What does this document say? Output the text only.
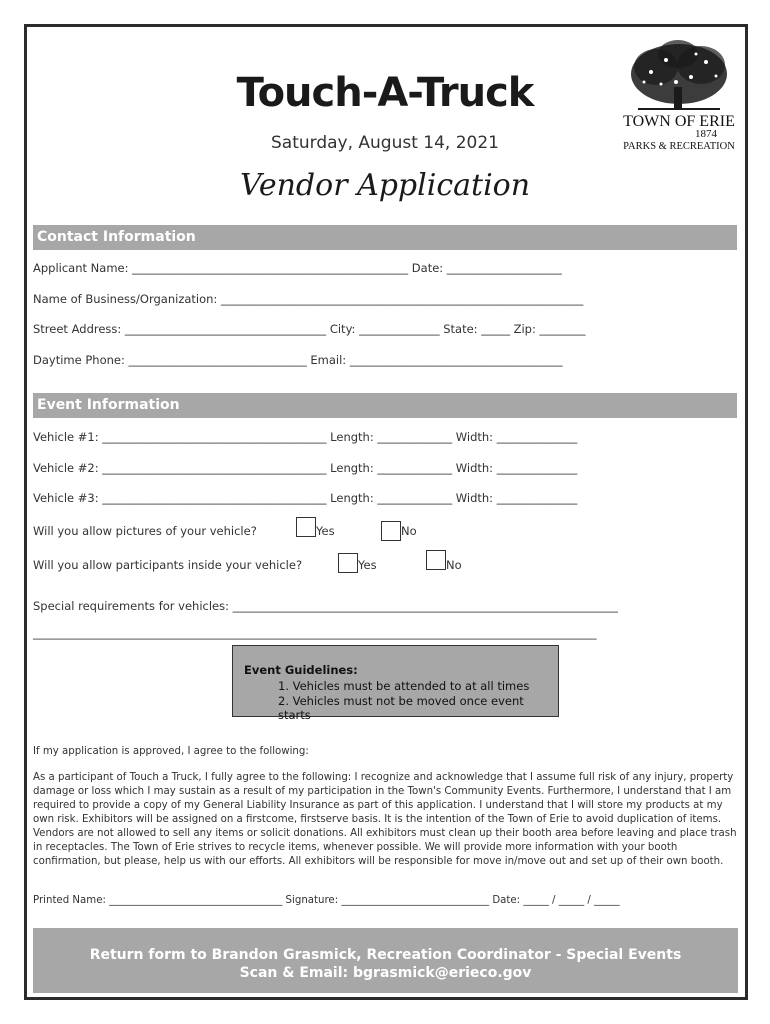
Touch-A-Truck
Saturday, August 14, 2021
Vendor Application
TOWN OF ERIE
1874
PARKS & RECREATION
Contact Information
Applicant Name: ________________________________________________ Date: ____________________
Name of Business/Organization: _______________________________________________________________
Street Address: ___________________________________ City: ______________ State: _____ Zip: ________
Daytime Phone: _______________________________ Email: _____________________________________
Event Information
Vehicle #1: _______________________________________ Length: _____________ Width: ______________
Vehicle #2: _______________________________________ Length: _____________ Width: ______________
Vehicle #3: _______________________________________ Length: _____________ Width: ______________
Will you allow pictures of your vehicle?	Yes	No
Will you allow participants inside your vehicle?	Yes	No
Special requirements for vehicles: ___________________________________________________________________
__________________________________________________________________________________________________
Event Guidelines:
1. Vehicles must be attended to at all times
2. Vehicles must not be moved once event starts
If my application is approved, I agree to the following:
As a participant of Touch a Truck, I fully agree to the following: I recognize and acknowledge that I assume full risk of any injury, property damage or loss which I may sustain as a result of my participation in the Town's Community Events. Furthermore, I understand that I am required to provide a copy of my General Liability Insurance as part of this application. I understand that I will store my products at my own risk. Exhibitors will be assigned on a firstcome, firstserve basis. It is the intention of the Town of Erie to avoid duplication of items. Vendors are not allowed to sell any items or solicit donations. All exhibitors must clean up their booth area before leaving and place trash in receptacles. The Town of Erie strives to recycle items, whenever possible. We will provide more information with your booth confirmation, but please, help us with our efforts. All exhibitors will be responsible for move in/move out and set up of their own booth.
Printed Name: __________________________________ Signature: _____________________________ Date: _____ / _____ / _____
Return form to Brandon Grasmick, Recreation Coordinator - Special Events
Scan & Email: bgrasmick@erieco.gov
